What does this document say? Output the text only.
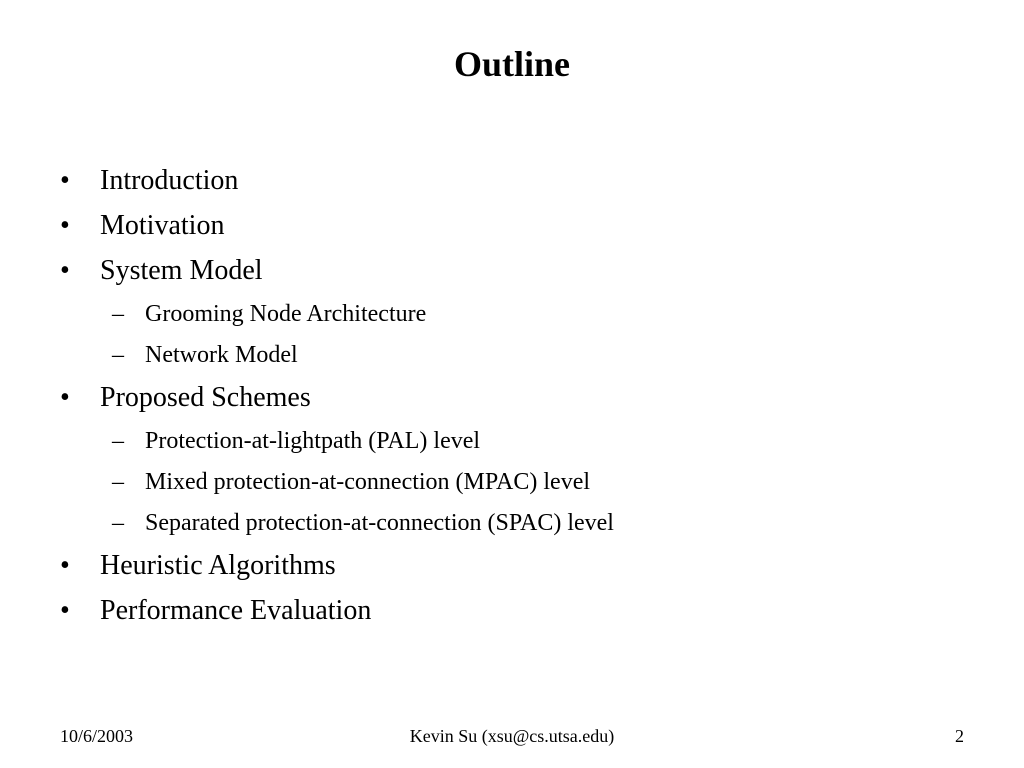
Outline
• Introduction
• Motivation
• System Model
– Grooming Node Architecture
– Network Model
• Proposed Schemes
– Protection-at-lightpath (PAL) level
– Mixed protection-at-connection (MPAC) level
– Separated protection-at-connection (SPAC) level
• Heuristic Algorithms
• Performance Evaluation
Kevin Su (xsu@cs.utsa.edu)
10/6/2003	2
